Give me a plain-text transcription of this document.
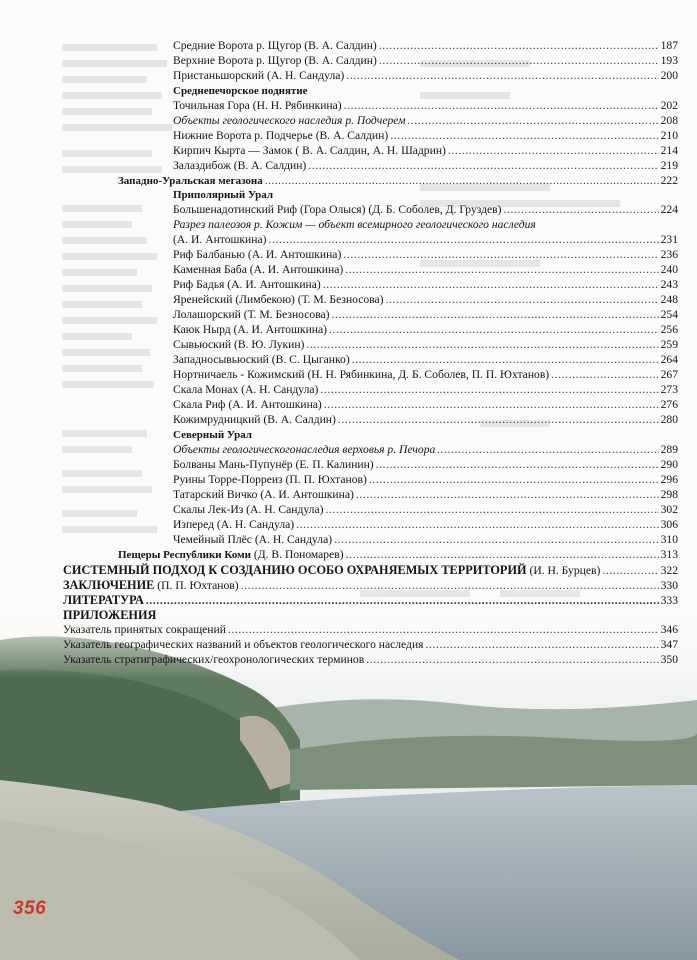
356
Средние Ворота р. Щугор (В. А. Салдин) .....	187
Верхние Ворота р. Щугор (В. А. Салдин) .....	193
Пристаньшорский (А. Н. Сандула) .....	200
Среднепечорское поднятие
Точильная Гора (Н. Н. Рябинкина) .....	202
Объекты геологического наследия р. Подчерем .....	208
Нижние Ворота р. Подчерье (В. А. Салдин) .....	210
Кирпич Кырта — Замок ( В. А. Салдин, А. Н. Шадрин) .....	214
Залаздибож (В. А. Салдин) .....	219
Западно-Уральская мегазона .....	222
Приполярный Урал
Большенадотинский Риф (Гора Олыся) (Д. Б. Соболев, Д. Груздев) .....	224
Разрез палеозоя р. Кожим — объект всемирного геологического наследия
(А. И. Антошкина) .....	231
Риф Балбанью (А. И. Антошкина) .....	236
Каменная Баба (А. И. Антошкина) .....	240
Риф Бадья (А. И. Антошкина) .....	243
Яренейский (Лимбекою) (Т. М. Безносова) .....	248
Лолашорский (Т. М. Безносова) .....	254
Каюк Нырд (А. И. Антошкина) .....	256
Сывьюский (В. Ю. Лукин) .....	259
Западносывьюский (В. С. Цыганко) .....	264
Нортничаель - Кожимский (Н. Н. Рябинкина, Д. Б. Соболев, П. П. Юхтанов) .....	267
Скала Монах (А. Н. Сандула) .....	273
Скала Риф (А. И. Антошкина) .....	276
Кожимрудницкий (В. А. Салдин) .....	280
Северный Урал
Объекты геологическогонаследия верховья р. Печора .....	289
Болваны Мань-Пупунёр (Е. П. Калинин) .....	290
Руины Торре-Порреиз (П. П. Юхтанов) .....	296
Татарский Вичко (А. И. Антошкина) .....	298
Скалы Лек-Из (А. Н. Сандула) .....	302
Изперед (А. Н. Сандула) .....	306
Чемейный Плёс (А. Н. Сандула) .....	310
Пещеры Республики Коми (Д. В. Пономарев) .....	313
СИСТЕМНЫЙ ПОДХОД К СОЗДАНИЮ ОСОБО ОХРАНЯЕМЫХ ТЕРРИТОРИЙ (И. Н. Бурцев) .....	322
ЗАКЛЮЧЕНИЕ (П. П. Юхтанов) .....	330
ЛИТЕРАТУРА .....	333
ПРИЛОЖЕНИЯ
Указатель принятых сокращений .....	346
Указатель географических названий и объектов геологического наследия .....	347
Указатель стратиграфических/геохронологических терминов .....	350
